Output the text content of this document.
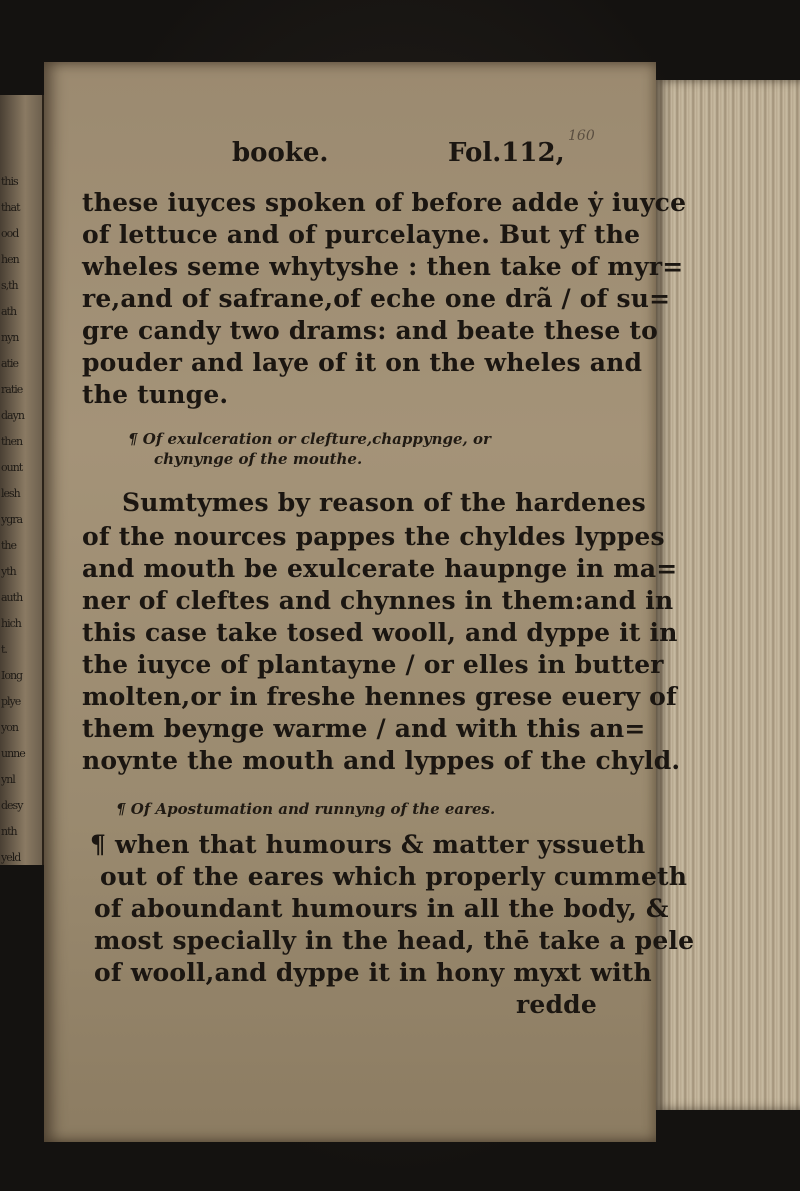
this
that
ood
hen
s,th
ath
nyn
atie
ratie
dayn
then
ount
lesh
ygra
the
yth
auth
hich
t.
Iong
plye
yon
unne
ynl
desy
nth
yeld
160
booke.	Fol.112,
these iuyces spoken of before adde ẏ iuyce
of lettuce and of purcelayne. But yf the
wheles seme whytyshe : then take of myr=
re,and of safrane,of eche one drã / of su=
gre candy two drams: and beate these to
pouder and laye of it on the wheles and
the tunge.
¶ Of exulceration or clefture,chappynge, or
chynynge of the mouthe.
Sumtymes by reason of the hardenes
of the nources pappes the chyldes lyppes
and mouth be exulcerate haupnge in ma=
ner of cleftes and chynnes in them:and in
this case take tosed wooll, and dyppe it in
the iuyce of plantayne / or elles in butter
molten,or in freshe hennes grese euery of
them beynge warme / and with this an=
noynte the mouth and lyppes of the chyld.
¶ Of Apostumation and runnyng of the eares.
¶ when that humours & matter yssueth
out of the eares which properly cummeth
of aboundant humours in all the body, &
most specially in the head, thē take a pele
of wooll,and dyppe it in hony myxt with
redde
